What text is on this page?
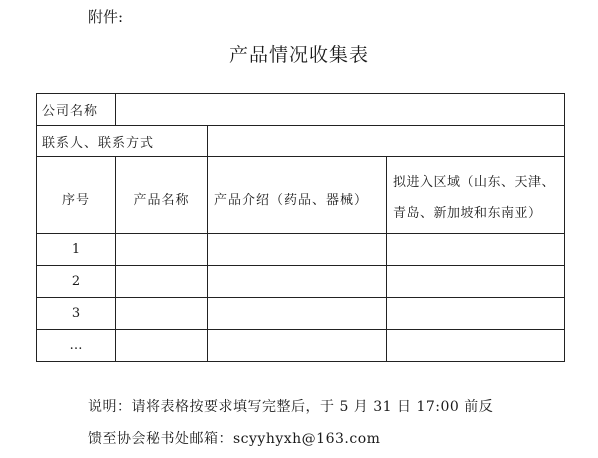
附件:
产品情况收集表
公司名称			
联系人、联系方式			
序号	产品名称	产品介绍（药品、器械）	拟进入区域（山东、天津、青岛、新加坡和东南亚）
1			
2			
3			
…			
说明：请将表格按要求填写完整后，于 5 月 31 日 17:00 前反
馈至协会秘书处邮箱：scyyhyxh@163.com
